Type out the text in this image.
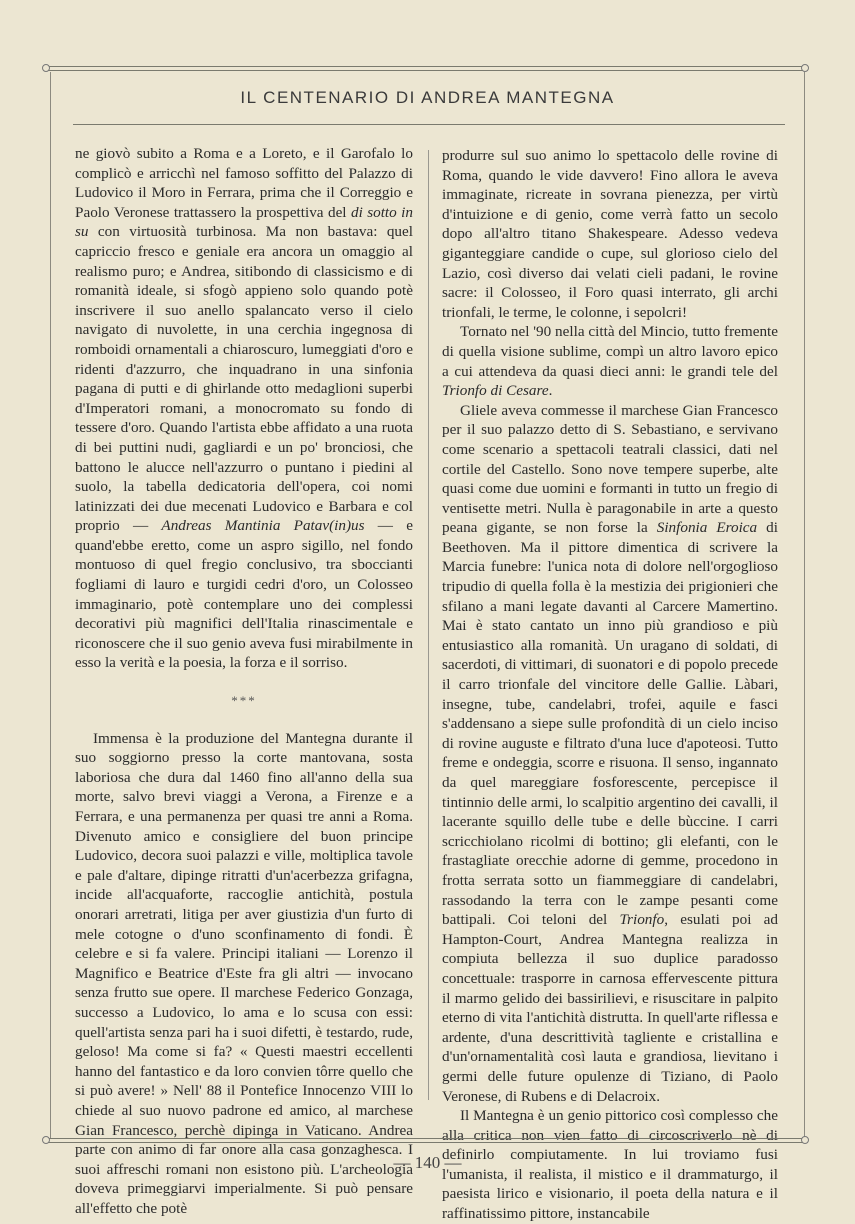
IL CENTENARIO DI ANDREA MANTEGNA

ne giovò subito a Roma e a Loreto, e il Garofalo lo complicò e arricchì nel famoso soffitto del Palazzo di Ludovico il Moro in Ferrara, prima che il Correggio e Paolo Veronese trattassero la prospettiva del di sotto in su con virtuosità turbinosa. Ma non bastava: quel capriccio fresco e geniale era ancora un omaggio al realismo puro; e Andrea, sitibondo di classicismo e di romanità ideale, si sfogò appieno solo quando potè inscrivere il suo anello spalancato verso il cielo navigato di nuvolette, in una cerchia ingegnosa di romboidi ornamentali a chiaroscuro, lumeggiati d'oro e ridenti d'azzurro, che inquadrano in una sinfonia pagana di putti e di ghirlande otto medaglioni superbi d'Imperatori romani, a monocromato su fondo di tessere d'oro. Quando l'artista ebbe affidato a una ruota di bei puttini nudi, gagliardi e un po' bronciosi, che battono le alucce nell'azzurro o puntano i piedini al suolo, la tabella dedicatoria dell'opera, coi nomi latinizzati dei due mecenati Ludovico e Barbara e col proprio — Andreas Mantinia Patav(in)us — e quand'ebbe eretto, come un aspro sigillo, nel fondo montuoso di quel fregio conclusivo, tra sboccianti fogliami di lauro e turgidi cedri d'oro, un Colosseo immaginario, potè contemplare uno dei complessi decorativi più magnifici dell'Italia rinascimentale e riconoscere che il suo genio aveva fusi mirabilmente in esso la verità e la poesia, la forza e il sorriso.

***

Immensa è la produzione del Mantegna durante il suo soggiorno presso la corte mantovana, sosta laboriosa che dura dal 1460 fino all'anno della sua morte, salvo brevi viaggi a Verona, a Firenze e a Ferrara, e una permanenza per quasi tre anni a Roma. Divenuto amico e consigliere del buon principe Ludovico, decora suoi palazzi e ville, moltiplica tavole e pale d'altare, dipinge ritratti d'un'acerbezza grifagna, incide all'acquaforte, raccoglie antichità, postula onorari arretrati, litiga per aver giustizia d'un furto di mele cotogne o d'uno sconfinamento di fondi. È celebre e si fa valere. Principi italiani — Lorenzo il Magnifico e Beatrice d'Este fra gli altri — invocano senza frutto sue opere. Il marchese Federico Gonzaga, successo a Ludovico, lo ama e lo scusa con essi: quell'artista senza pari ha i suoi difetti, è testardo, rude, geloso! Ma come si fa? « Questi maestri eccellenti hanno del fantastico e da loro convien tôrre quello che si può avere! » Nell' 88 il Pontefice Innocenzo VIII lo chiede al suo nuovo padrone ed amico, al marchese Gian Francesco, perchè dipinga in Vaticano. Andrea parte con animo di far onore alla casa gonzaghesca. I suoi affreschi romani non esistono più. L'archeologia doveva primeggiarvi imperialmente. Si può pensare all'effetto che potè

produrre sul suo animo lo spettacolo delle rovine di Roma, quando le vide davvero! Fino allora le aveva immaginate, ricreate in sovrana pienezza, per virtù d'intuizione e di genio, come verrà fatto un secolo dopo all'altro titano Shakespeare. Adesso vedeva giganteggiare candide o cupe, sul glorioso cielo del Lazio, così diverso dai velati cieli padani, le rovine sacre: il Colosseo, il Foro quasi interrato, gli archi trionfali, le terme, le colonne, i sepolcri!

Tornato nel '90 nella città del Mincio, tutto fremente di quella visione sublime, compì un altro lavoro epico a cui attendeva da quasi dieci anni: le grandi tele del Trionfo di Cesare.

Gliele aveva commesse il marchese Gian Francesco per il suo palazzo detto di S. Sebastiano, e servivano come scenario a spettacoli teatrali classici, dati nel cortile del Castello. Sono nove tempere superbe, alte quasi come due uomini e formanti in tutto un fregio di ventisette metri. Nulla è paragonabile in arte a questo peana gigante, se non forse la Sinfonia Eroica di Beethoven. Ma il pittore dimentica di scrivere la Marcia funebre: l'unica nota di dolore nell'orgoglioso tripudio di quella folla è la mestizia dei prigionieri che sfilano a mani legate davanti al Carcere Mamertino. Mai è stato cantato un inno più grandioso e più entusiastico alla romanità. Un uragano di soldati, di sacerdoti, di vittimari, di suonatori e di popolo precede il carro trionfale del vincitore delle Gallie. Làbari, insegne, tube, candelabri, trofei, aquile e fasci s'addensano a siepe sulle profondità di un cielo inciso di rovine auguste e filtrato d'una luce d'apoteosi. Tutto freme e ondeggia, scorre e risuona. Il senso, ingannato da quel mareggiare fosforescente, percepisce il tintinnio delle armi, lo scalpitio argentino dei cavalli, il lacerante squillo delle tube e delle bùccine. I carri scricchiolano ricolmi di bottino; gli elefanti, con le frastagliate orecchie adorne di gemme, procedono in frotta serrata sotto un fiammeggiare di candelabri, rassodando la terra con le zampe pesanti come battipali. Coi teloni del Trionfo, esulati poi ad Hampton-Court, Andrea Mantegna realizza in compiuta bellezza il suo duplice paradosso concettuale: trasporre in carnosa effervescente pittura il marmo gelido dei bassirilievi, e risuscitare in palpito eterno di vita l'antichità distrutta. In quell'arte riflessa e ardente, d'una descrittività tagliente e cristallina e d'un'ornamentalità così lauta e grandiosa, lievitano i germi delle future opulenze di Tiziano, di Paolo Veronese, di Rubens e di Delacroix.

Il Mantegna è un genio pittorico così complesso che alla critica non vien fatto di circoscriverlo nè di definirlo compiutamente. In lui troviamo fusi l'umanista, il realista, il mistico e il drammaturgo, il paesista lirico e visionario, il poeta della natura e il raffinatissimo pittore, instancabile

— 140 —
